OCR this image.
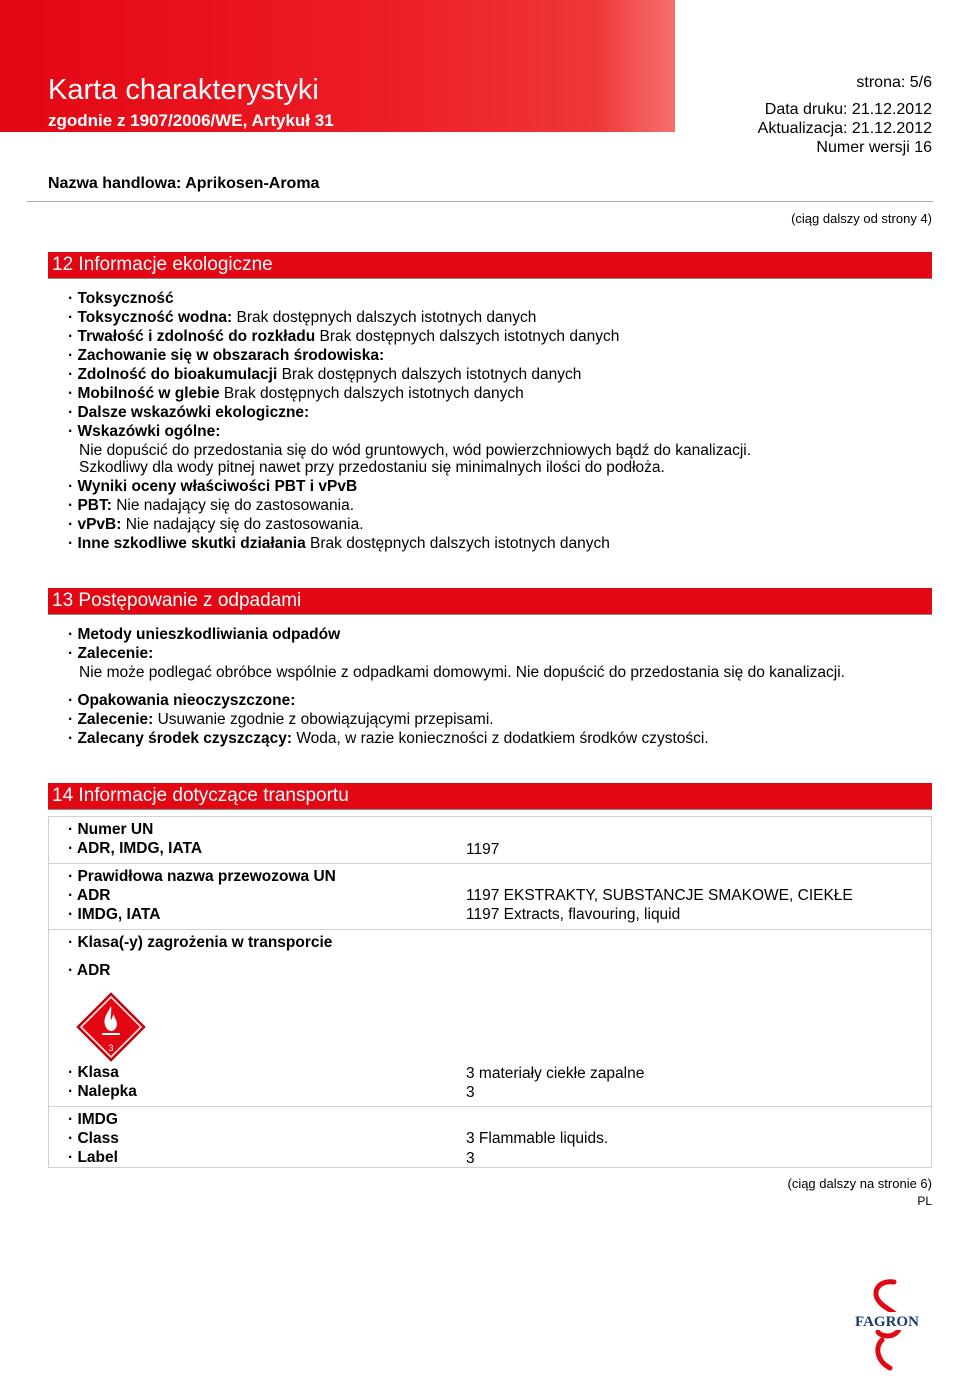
Karta charakterystyki
zgodnie z 1907/2006/WE, Artykuł 31
strona: 5/6
Data druku: 21.12.2012
Aktualizacja: 21.12.2012
Numer wersji 16
Nazwa handlowa: Aprikosen-Aroma
(ciąg dalszy od strony 4)
12 Informacje ekologiczne
· Toksyczność
· Toksyczność wodna: Brak dostępnych dalszych istotnych danych
· Trwałość i zdolność do rozkładu Brak dostępnych dalszych istotnych danych
· Zachowanie się w obszarach środowiska:
· Zdolność do bioakumulacji Brak dostępnych dalszych istotnych danych
· Mobilność w glebie Brak dostępnych dalszych istotnych danych
· Dalsze wskazówki ekologiczne:
· Wskazówki ogólne:
Nie dopuścić do przedostania się do wód gruntowych, wód powierzchniowych bądź do kanalizacji.
Szkodliwy dla wody pitnej nawet przy przedostaniu się minimalnych ilości do podłoża.
· Wyniki oceny właściwości PBT i vPvB
· PBT: Nie nadający się do zastosowania.
· vPvB: Nie nadający się do zastosowania.
· Inne szkodliwe skutki działania Brak dostępnych dalszych istotnych danych
13 Postępowanie z odpadami
· Metody unieszkodliwiania odpadów
· Zalecenie:
Nie może podlegać obróbce wspólnie z odpadkami domowymi. Nie dopuścić do przedostania się do kanalizacji.
· Opakowania nieoczyszczone:
· Zalecenie: Usuwanie zgodnie z obowiązującymi przepisami.
· Zalecany środek czyszczący: Woda, w razie konieczności z dodatkiem środków czystości.
14 Informacje dotyczące transportu
· Numer UN
· ADR, IMDG, IATA	1197
· Prawidłowa nazwa przewozowa UN
· ADR	1197 EKSTRAKTY, SUBSTANCJE SMAKOWE, CIEKŁE
· IMDG, IATA	1197 Extracts, flavouring, liquid
· Klasa(-y) zagrożenia w transporcie
· ADR
3
· Klasa	3 materiały ciekłe zapalne
· Nalepka	3
· IMDG
· Class	3 Flammable liquids.
· Label	3
(ciąg dalszy na stronie 6)
PL
FAGRON
